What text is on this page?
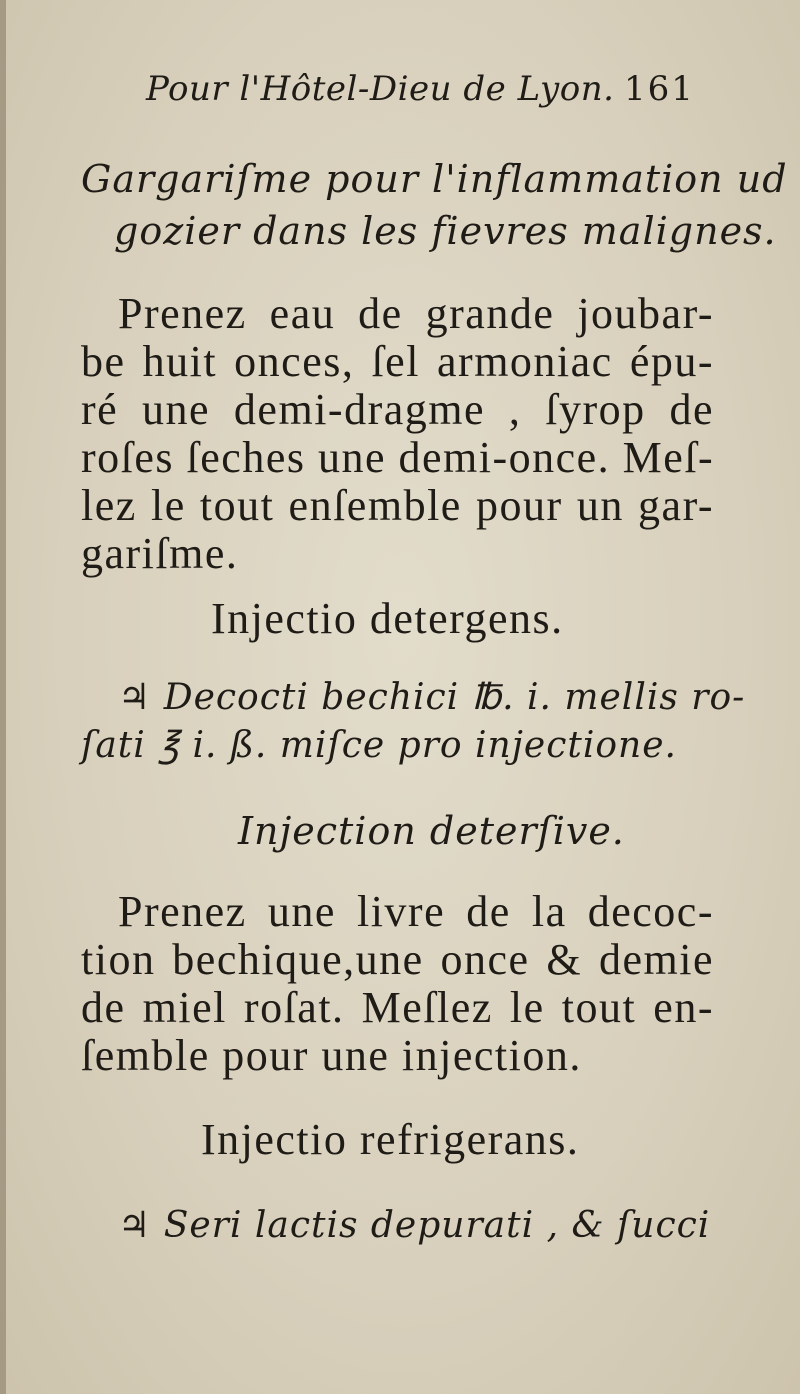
Pour l'Hôtel-Dieu de Lyon. 161
Gargariſme pour l'inflammation ud
gozier dans les fievres malignes.
Prenez eau de grande joubar-
be huit onces, ſel armoniac épu-
ré une demi-dragme , ſyrop de
roſes ſeches une demi-once. Meſ-
lez le tout enſemble pour un gar-
gariſme.
Injectio detergens.
♃ Decocti bechici ℔. i. mellis ro-
ſati ℥ i. ß. miſce pro injectione.
Injection deterſive.
Prenez une livre de la decoc-
tion bechique,une once & demie
de miel roſat. Meſlez le tout en-
ſemble pour une injection.
Injectio refrigerans.
♃ Seri lactis depurati , & ſucci
